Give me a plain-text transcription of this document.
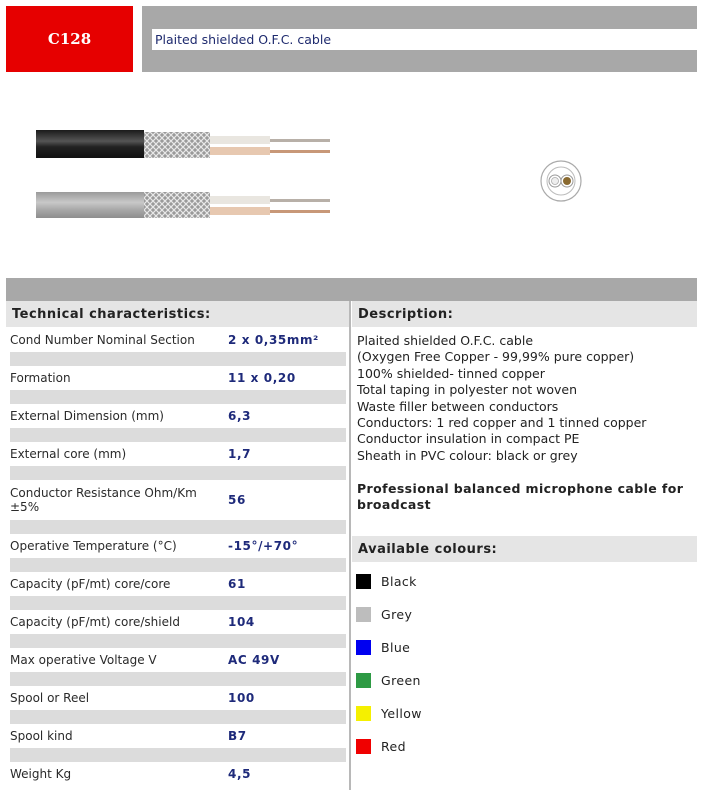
C128	Plaited shielded O.F.C. cable
Technical characteristics:	Description:
Cond Number Nominal Section	2 x 0,35mm²
Formation	11 x 0,20
External Dimension (mm)	6,3
External core (mm)	1,7
Conductor Resistance Ohm/Km ±5%	56
Operative Temperature (°C)	-15°/+70°
Capacity (pF/mt) core/core	61
Capacity (pF/mt) core/shield	104
Max operative Voltage V	AC 49V
Spool or Reel	100
Spool kind	B7
Weight Kg	4,5
Plaited shielded O.F.C. cable
(Oxygen Free Copper - 99,99% pure copper)
100% shielded- tinned copper
Total taping in polyester not woven
Waste filler between conductors
Conductors: 1 red copper and 1 tinned copper
Conductor insulation in compact PE
Sheath in PVC colour: black or grey
Professional balanced microphone cable for broadcast
Available colours:
Black
Grey
Blue
Green
Yellow
Red
